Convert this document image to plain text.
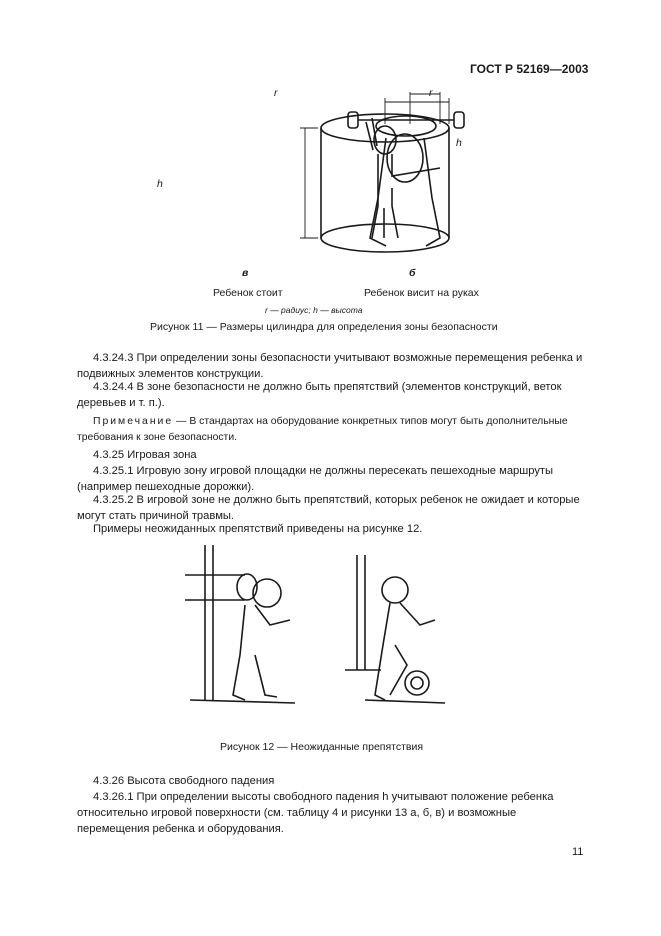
ГОСТ Р 52169—2003
r
h
r
h
в	б
Ребенок стоит	Ребенок висит на руках
r — радиус; h — высота
Рисунок 11 — Размеры цилиндра для определения зоны безопасности
4.3.24.3 При определении зоны безопасности учитывают возможные перемещения ребенка и подвижных элементов конструкции.
4.3.24.4 В зоне безопасности не должно быть препятствий (элементов конструкций, веток деревьев и т. п.).
Примечание — В стандартах на оборудование конкретных типов могут быть дополнительные требования к зоне безопасности.
4.3.25 Игровая зона
4.3.25.1 Игровую зону игровой площадки не должны пересекать пешеходные маршруты (например пешеходные дорожки).
4.3.25.2 В игровой зоне не должно быть препятствий, которых ребенок не ожидает и которые могут стать причиной травмы.
Примеры неожиданных препятствий приведены на рисунке 12.
Рисунок 12 — Неожиданные препятствия
4.3.26 Высота свободного падения
4.3.26.1 При определении высоты свободного падения h учитывают положение ребенка относительно игровой поверхности (см. таблицу 4 и рисунки 13 а, б, в) и возможные перемещения ребенка и оборудования.
11
